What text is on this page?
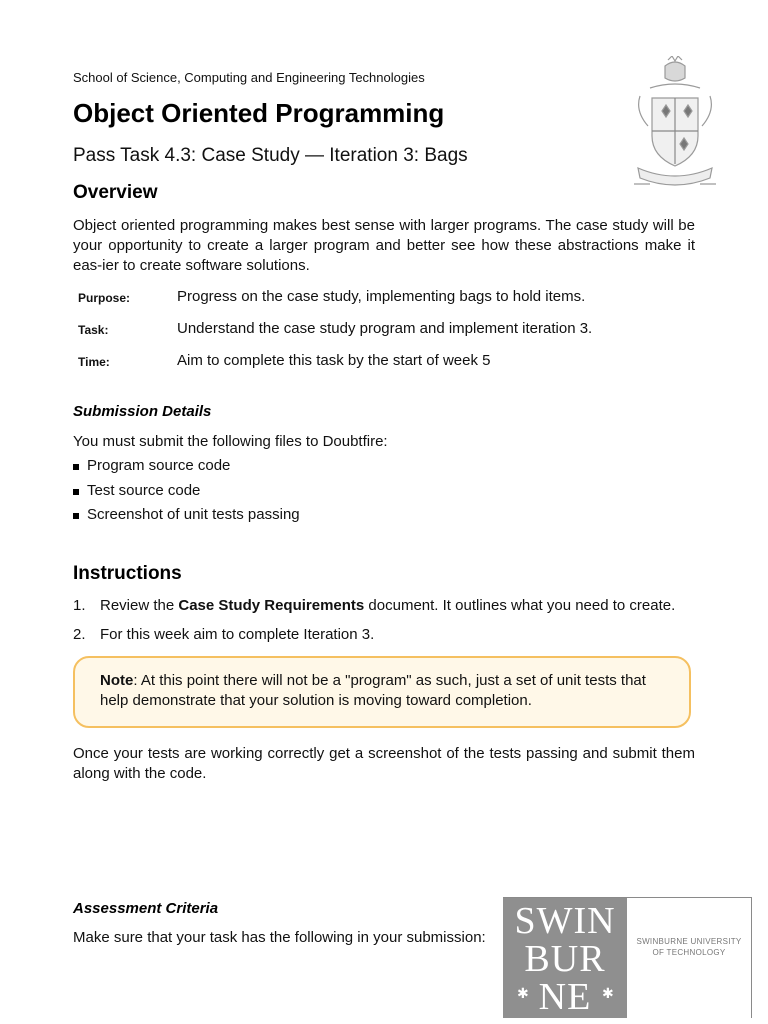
School of Science, Computing and Engineering Technologies
Object Oriented Programming
Pass Task 4.3: Case Study — Iteration 3: Bags
Overview

Object oriented programming makes best sense with larger programs. The case study will be your opportunity to create a larger program and better see how these abstractions make it eas-ier to create software solutions.

Purpose:	Progress on the case study, implementing bags to hold items.
Task:	Understand the case study program and implement iteration 3.
Time:	Aim to complete this task by the start of week 5
Submission Details

You must submit the following files to Doubtfire:

Program source code
Test source code
Screenshot of unit tests passing
Instructions
1. Review the Case Study Requirements document. It outlines what you need to create.
2. For this week aim to complete Iteration 3.

Note: At this point there will not be a "program" as such, just a set of unit tests that help demonstrate that your solution is moving toward completion.

Once your tests are working correctly get a screenshot of the tests passing and submit them along with the code.

Assessment Criteria

Make sure that your task has the following in your submission: SWIN
BUR
NE
✱	✱
SWINBURNE UNIVERSITY
OF TECHNOLOGY
